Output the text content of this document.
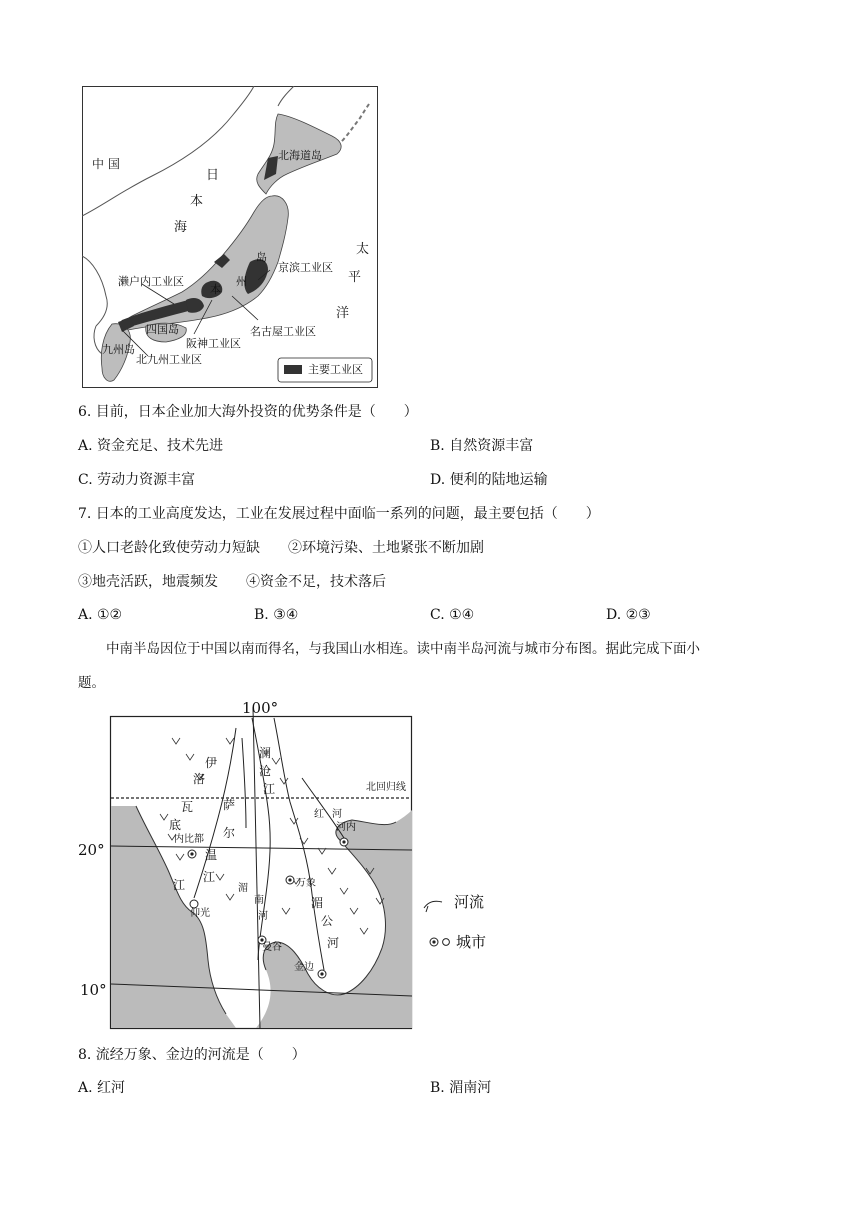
中 国
日
本
海
太
平
洋
北海道岛
岛
本
州
京滨工业区
濑户内工业区
四国岛
阪神工业区
名古屋工业区
九州岛
北九州工业区
主要工业区
6. 目前，日本企业加大海外投资的优势条件是（　　）
A. 资金充足、技术先进	B. 自然资源丰富
C. 劳动力资源丰富	D. 便利的陆地运输
7. 日本的工业高度发达，工业在发展过程中面临一系列的问题，最主要包括（　　）
①人口老龄化致使劳动力短缺　　②环境污染、土地紧张不断加剧
③地壳活跃，地震频发　　④资金不足，技术落后
A. ①②	B. ③④	C. ①④	D. ②③
中南半岛因位于中国以南而得名，与我国山水相连。读中南半岛河流与城市分布图。据此完成下面小
题。
100°
20°
10°
北回归线
伊
洛
瓦
底
江
澜
沧
江
萨
尔
温
江
湄
南
河
湄
公
河
红 河
内比都
河内
万象
仰光
曼谷
金边
河流
城市
8. 流经万象、金边的河流是（　　）
A. 红河	B. 湄南河
